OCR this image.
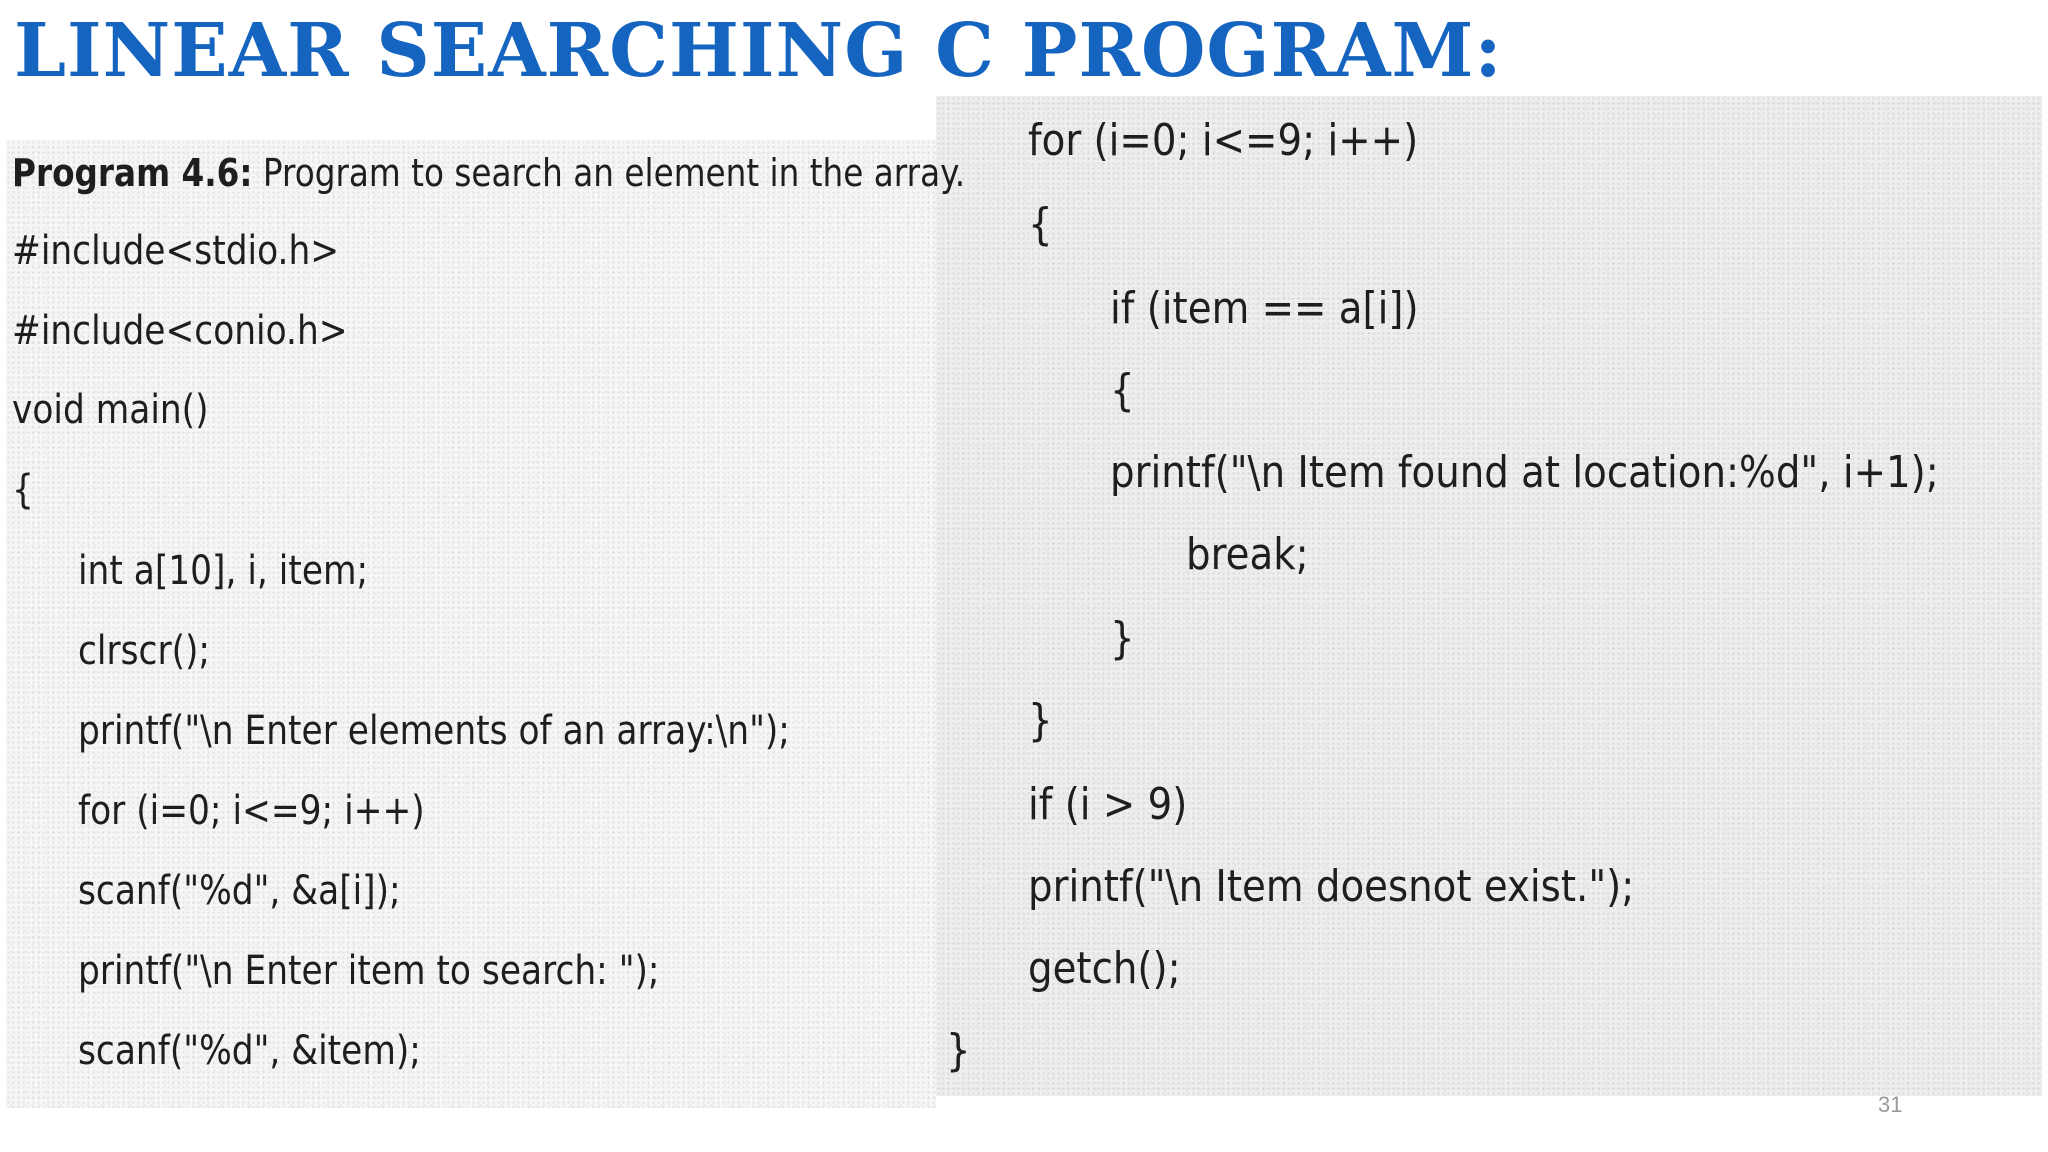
LINEAR SEARCHING C PROGRAM:

Program 4.6: Program to search an element in the array.

#include<stdio.h>

#include<conio.h>

void main()

{

int a[10], i, item;

clrscr();

printf("\n Enter elements of an array:\n");

for (i=0; i<=9; i++)

scanf("%d", &a[i]);

printf("\n Enter item to search: ");

scanf("%d", &item);

for (i=0; i<=9; i++)

{

if (item == a[i])

{

printf("\n Item found at location:%d", i+1);

break;

}

}

if (i > 9)

printf("\n Item doesnot exist.");

getch();

}

31
